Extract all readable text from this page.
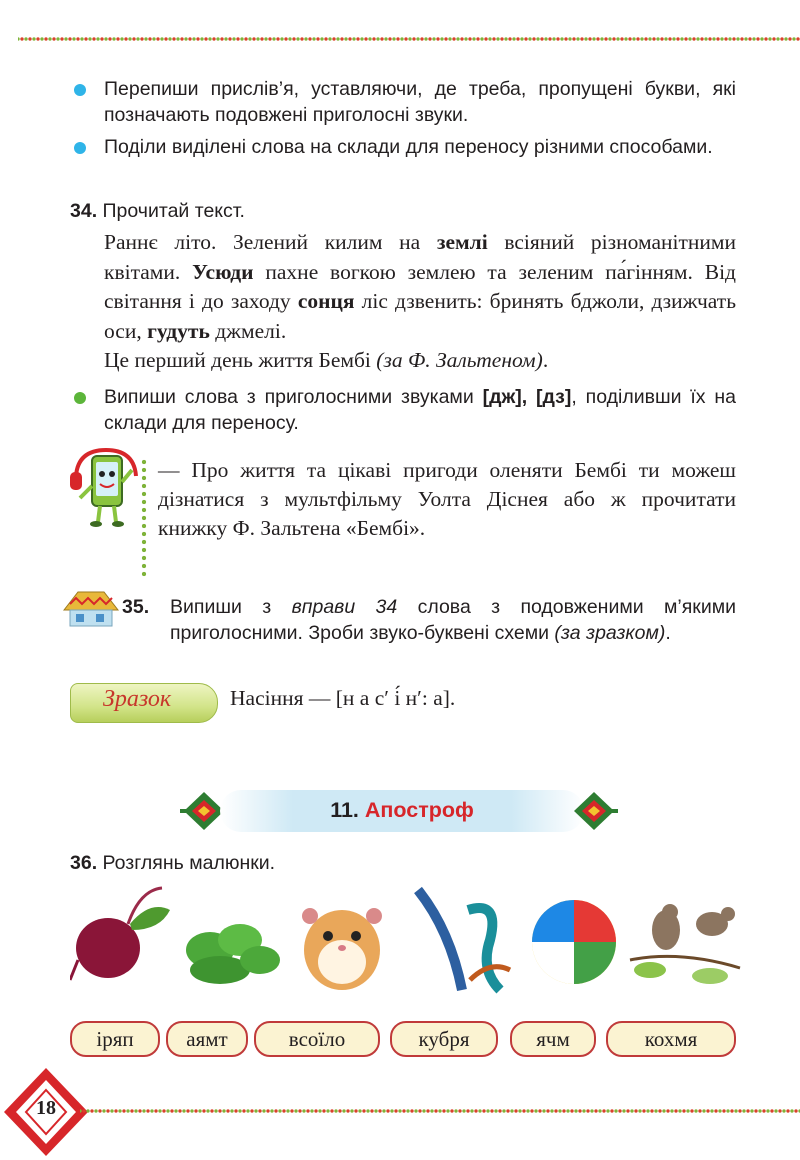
Перепиши прислів’я, уставляючи, де треба, пропущені букви, які позначають подовжені приголосні звуки.
Поділи виділені слова на склади для переносу різними способами.
34. Прочитай текст.

Раннє літо. Зелений килим на землі всіяний різноманітними квітами. Усюди пахне вогкою землею та зеленим па́гінням. Від світання і до заходу сонця ліс дзвенить: бринять бджоли, дзижчать оси, гудуть джмелі.

Це перший день життя Бембі (за Ф. Зальтеном).

Випиши слова з приголосними звуками [дж], [дз], поділивши їх на склади для переносу.
— Про життя та цікаві пригоди оленяти Бембі ти можеш дізнатися з мультфільму Уолта Діснея або ж прочитати книжку Ф. Зальтена «Бембі».
35.	Випиши з вправи 34 слова з подовженими м’якими приголосними. Зроби звуко-буквені схеми (за зразком).
Зразок	Насіння — [н а с′ і́ н′: а].
11. Апостроф
36. Розглянь малюнки.
іряп	аямт	всоїло	кубря	ячм	кохмя
18
